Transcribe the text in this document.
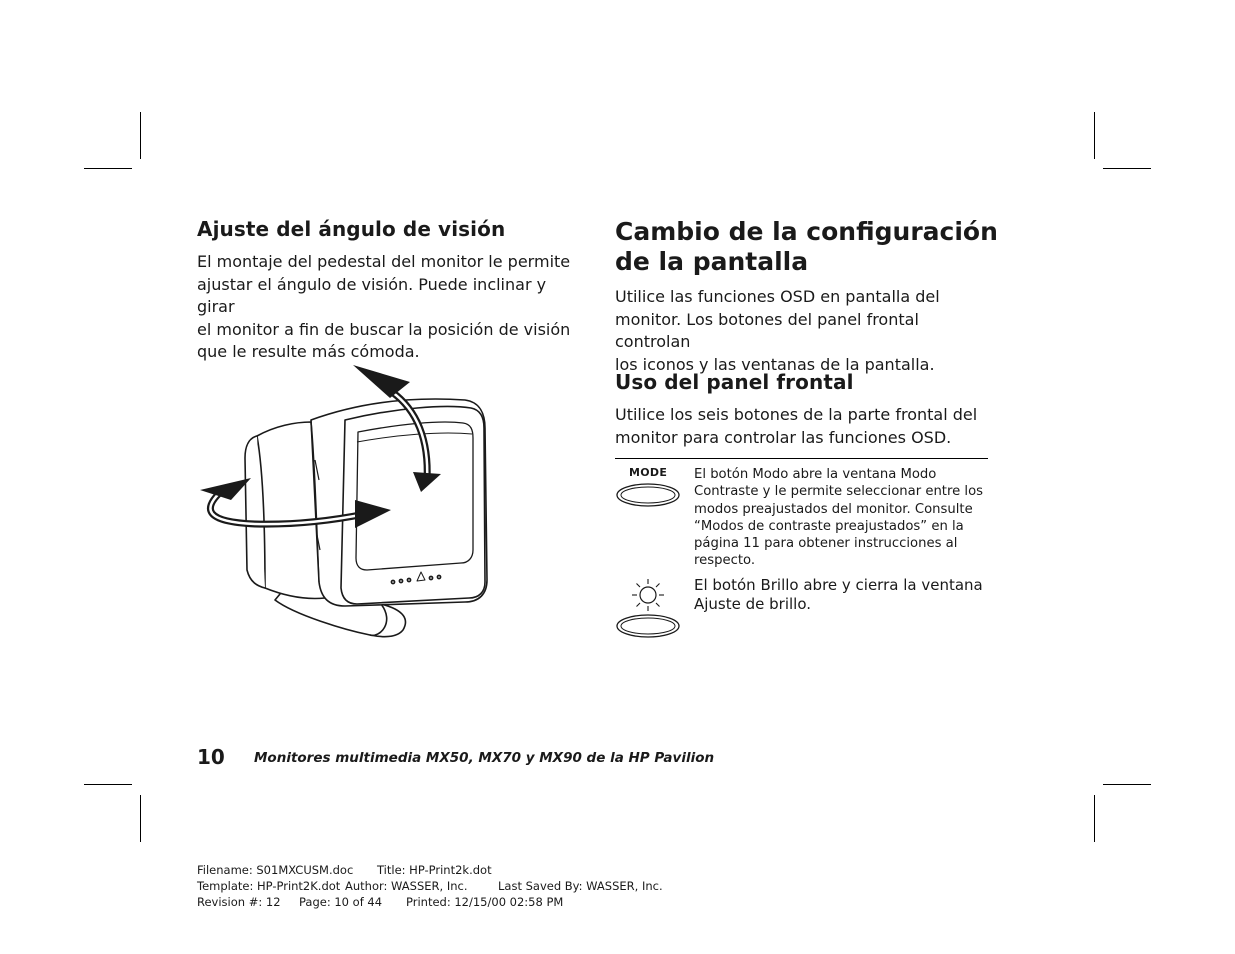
Ajuste del ángulo de visión
El montaje del pedestal del monitor le permite
ajustar el ángulo de visión. Puede inclinar y girar
el monitor a fin de buscar la posición de visión
que le resulte más cómoda.
Cambio de la configuración
de la pantalla
Utilice las funciones OSD en pantalla del
monitor. Los botones del panel frontal controlan
los iconos y las ventanas de la pantalla.
Uso del panel frontal
Utilice los seis botones de la parte frontal del
monitor para controlar las funciones OSD.
MODE El botón Modo abre la ventana Modo
Contraste y le permite seleccionar entre los
modos preajustados del monitor. Consulte
“Modos de contraste preajustados” en la
página 11 para obtener instrucciones al
respecto.
El botón Brillo abre y cierra la ventana
Ajuste de brillo.
10 Monitores multimedia MX50, MX70 y MX90 de la HP Pavilion
Filename: S01MXCUSM.doc Title: HP-Print2k.dot
Template: HP-Print2K.dot Author: WASSER, Inc.	Last Saved By: WASSER, Inc.
Revision #: 12 Page: 10 of 44 Printed: 12/15/00 02:58 PM
